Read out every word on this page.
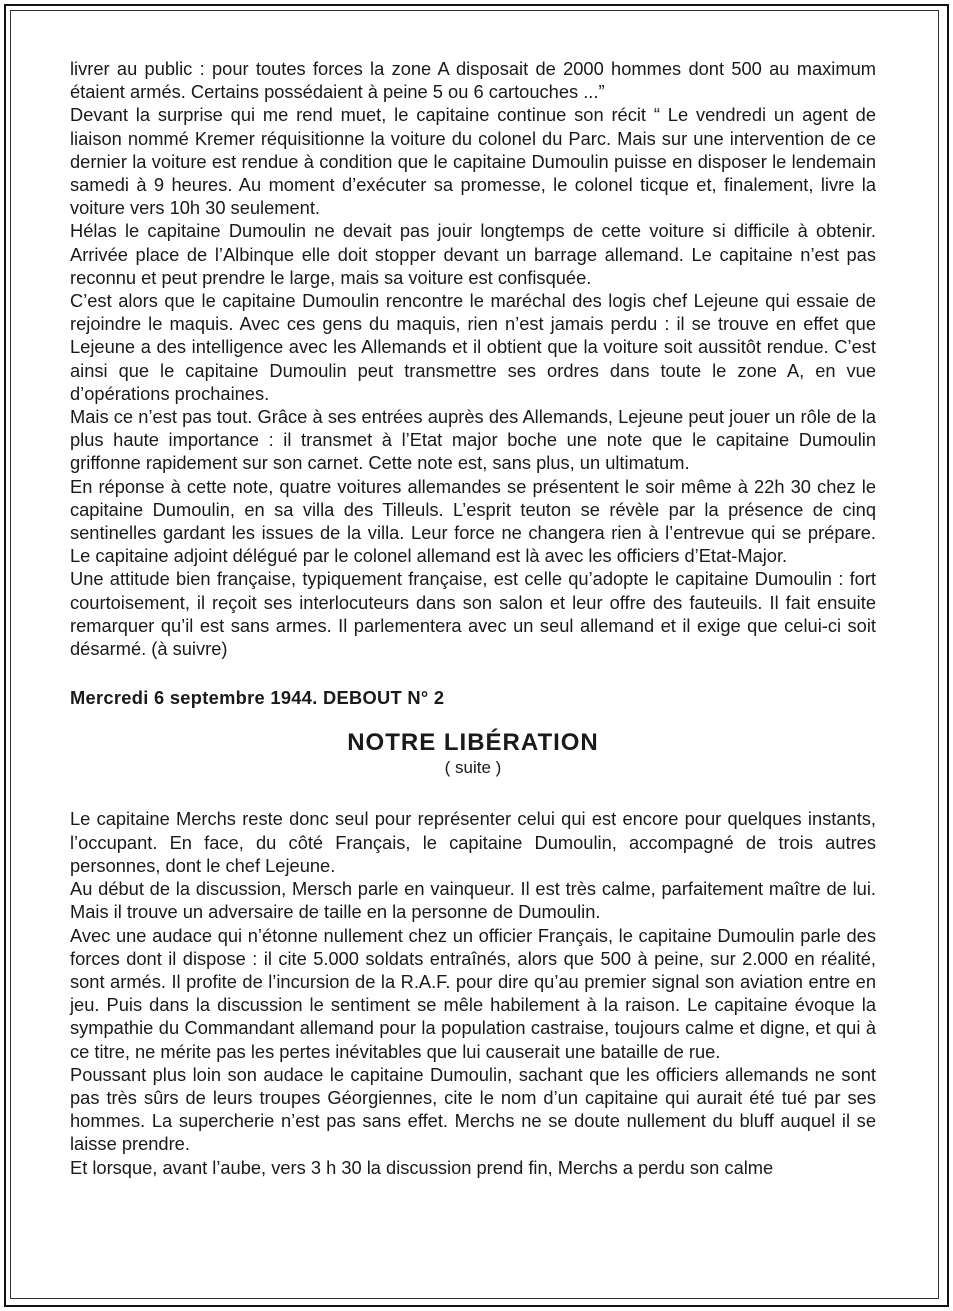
livrer au public : pour toutes forces la zone A disposait de 2000 hommes dont 500 au maximum étaient armés. Certains possédaient à peine 5 ou 6 cartouches ...”

Devant la surprise qui me rend muet, le capitaine continue son récit “ Le vendredi un agent de liaison nommé Kremer réquisitionne la voiture du colonel du Parc. Mais sur une intervention de ce dernier la voiture est rendue à condition que le capitaine Dumoulin puisse en disposer le lendemain samedi à 9 heures. Au moment d’exécuter sa promesse, le colonel ticque et, finalement, livre la voiture vers 10h 30 seulement.

Hélas le capitaine Dumoulin ne devait pas jouir longtemps de cette voiture si difficile à obtenir. Arrivée place de l’Albinque elle doit stopper devant un barrage allemand. Le capitaine n’est pas reconnu et peut prendre le large, mais sa voiture est confisquée.

C’est alors que le capitaine Dumoulin rencontre le maréchal des logis chef Lejeune qui essaie de rejoindre le maquis. Avec ces gens du maquis, rien n’est jamais perdu : il se trouve en effet que Lejeune a des intelligence avec les Allemands et il obtient que la voiture soit aussitôt rendue. C’est ainsi que le capitaine Dumoulin peut transmettre ses ordres dans toute le zone A, en vue d’opérations prochaines.

Mais ce n’est pas tout. Grâce à ses entrées auprès des Allemands, Lejeune peut jouer un rôle de la plus haute importance : il transmet à l’Etat major boche une note que le capitaine Dumoulin griffonne rapidement sur son carnet. Cette note est, sans plus, un ultimatum.

En réponse à cette note, quatre voitures allemandes se présentent le soir même à 22h 30 chez le capitaine Dumoulin, en sa villa des Tilleuls. L’esprit teuton se révèle par la présence de cinq sentinelles gardant les issues de la villa. Leur force ne changera rien à l’entrevue qui se prépare. Le capitaine adjoint délégué par le colonel allemand est là avec les officiers d’Etat-Major.

Une attitude bien française, typiquement française, est celle qu’adopte le capitaine Dumoulin : fort courtoisement, il reçoit ses interlocuteurs dans son salon et leur offre des fauteuils. Il fait ensuite remarquer qu’il est sans armes. Il parlementera avec un seul allemand et il exige que celui-ci soit désarmé. (à suivre)

Mercredi 6 septembre 1944. DEBOUT N° 2
NOTRE LIBÉRATION
( suite )

Le capitaine Merchs reste donc seul pour représenter celui qui est encore pour quelques instants, l’occupant. En face, du côté Français, le capitaine Dumoulin, accompagné de trois autres personnes, dont le chef Lejeune.

Au début de la discussion, Mersch parle en vainqueur. Il est très calme, parfaitement maître de lui. Mais il trouve un adversaire de taille en la personne de Dumoulin.

Avec une audace qui n’étonne nullement chez un officier Français, le capitaine Dumoulin parle des forces dont il dispose : il cite 5.000 soldats entraînés, alors que 500 à peine, sur 2.000 en réalité, sont armés. Il profite de l’incursion de la R.A.F. pour dire qu’au premier signal son aviation entre en jeu. Puis dans la discussion le sentiment se mêle habilement à la raison. Le capitaine évoque la sympathie du Commandant allemand pour la population castraise, toujours calme et digne, et qui à ce titre, ne mérite pas les pertes inévitables que lui causerait une bataille de rue.

Poussant plus loin son audace le capitaine Dumoulin, sachant que les officiers allemands ne sont pas très sûrs de leurs troupes Géorgiennes, cite le nom d’un capitaine qui aurait été tué par ses hommes. La supercherie n’est pas sans effet. Merchs ne se doute nullement du bluff auquel il se laisse prendre.

Et lorsque, avant l’aube, vers 3 h 30 la discussion prend fin, Merchs a perdu son calme
